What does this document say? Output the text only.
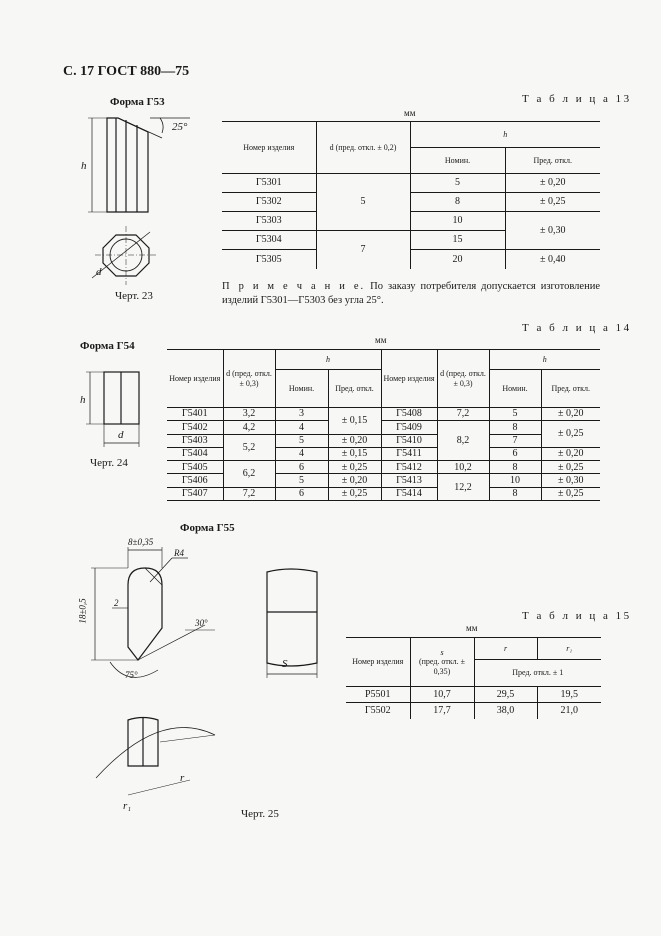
С. 17 ГОСТ 880—75
Форма Г53
25°
h
d
Черт. 23
Т а б л и ц а 13
мм
Номер изделия	d (пред. откл. ± 0,2)	h	
		Номин.	Пред. откл.
Г5301	5	5	± 0,20
Г5302		8	± 0,25
Г5303		10	± 0,30
Г5304	7	15	
Г5305		20	± 0,40
П р и м е ч а н и е. По заказу потребителя допускается изготовление изделий Г5301—Г5303 без угла 25°.
Форма Г54
h
d
Черт. 24
Т а б л и ц а 14
мм
Номер изделия	d (пред. откл. ± 0,3)	h		Номер изделия	d (пред. откл. ± 0,3)	h	
		Номин.	Пред. откл.			Номин.	Пред. откл.
Г5401	3,2	3	± 0,15	Г5408	7,2	5	± 0,20
Г5402	4,2	4		Г5409	8,2	8	± 0,25
Г5403	5,2	5	± 0,20	Г5410		7	
Г5404		4	± 0,15	Г5411		6	± 0,20
Г5405	6,2	6	± 0,25	Г5412	10,2	8	± 0,25
Г5406		5	± 0,20	Г5413	12,2	10	± 0,30
Г5407	7,2	6	± 0,25	Г5414		8	± 0,25
Форма Г55
8±0,35
R4
18±0,5	2
30°
75°
S
r
r₁
Черт. 25
Т а б л и ц а 15
мм
Номер изделия	s
(пред. откл. ± 0,35)	r	r₁
		Пред. откл. ± 1	
Р5501	10,7	29,5	19,5
Г5502	17,7	38,0	21,0
